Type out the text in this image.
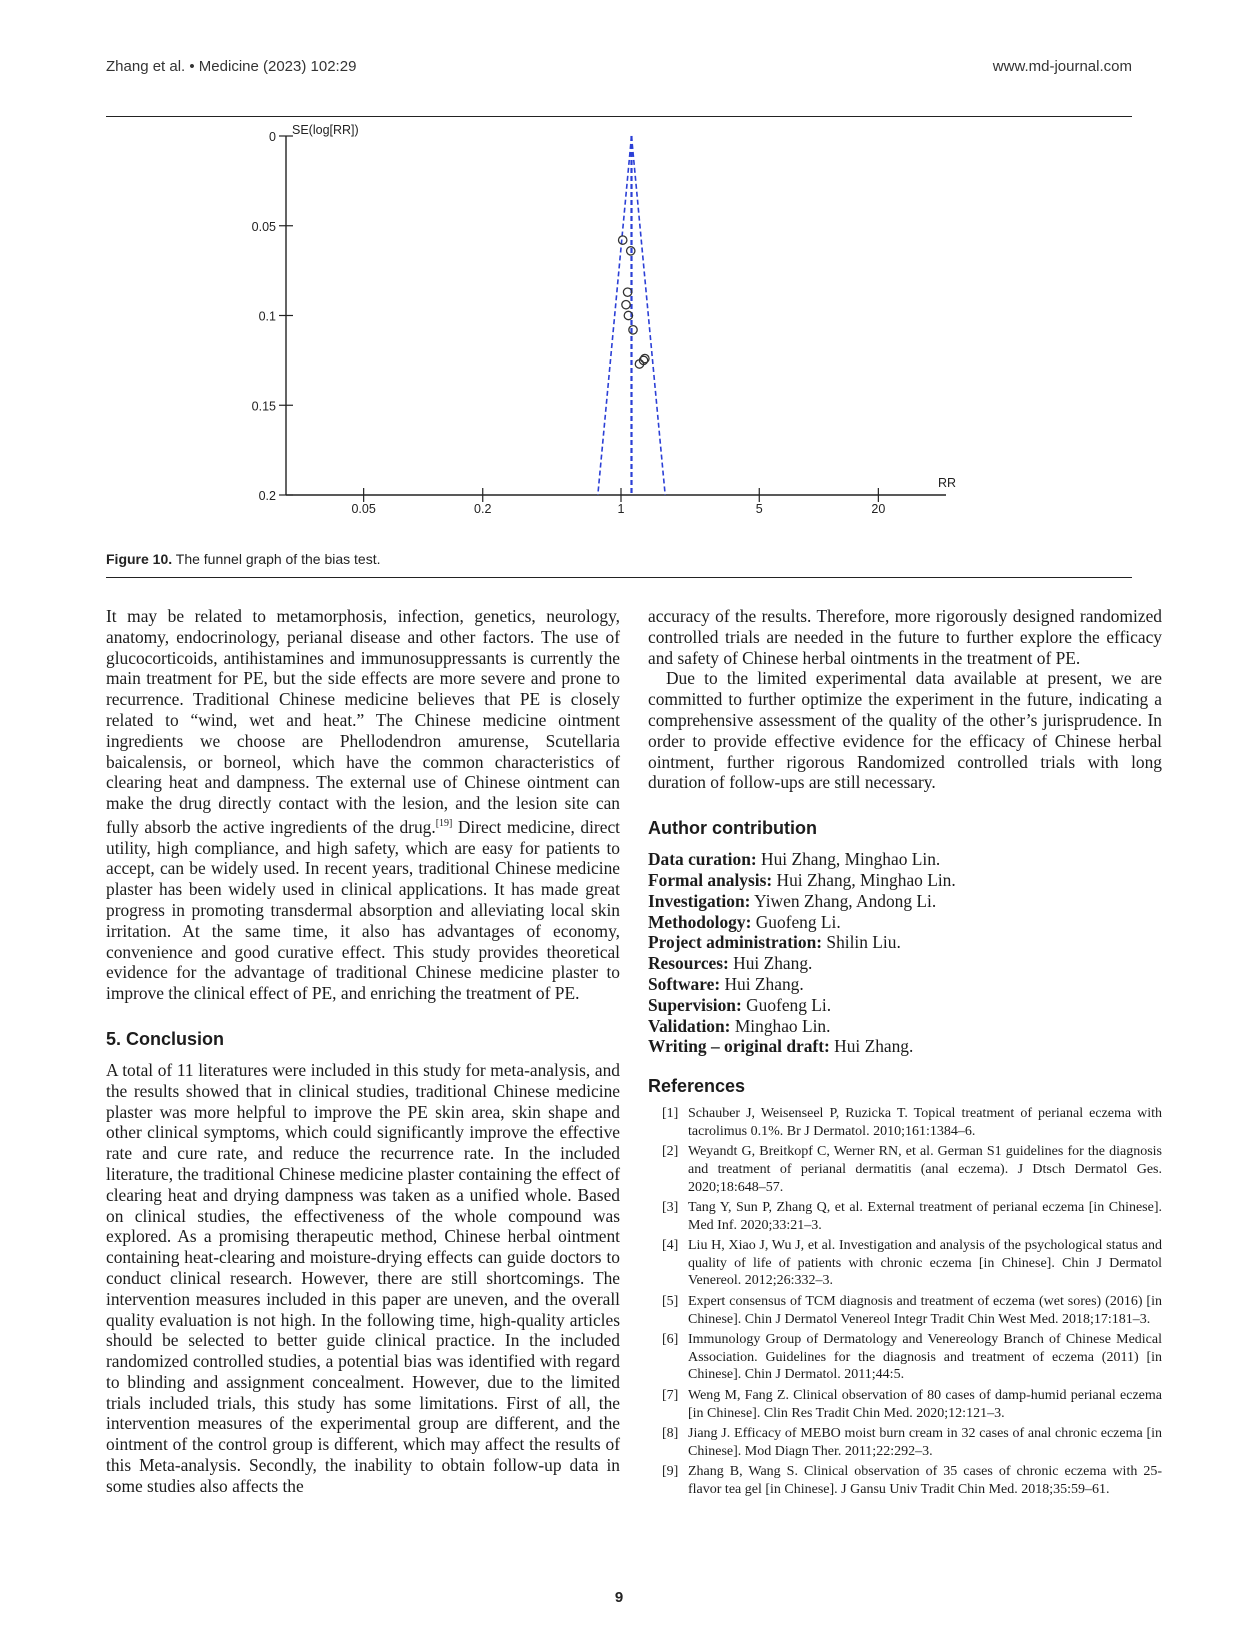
Zhang et al. • Medicine (2023) 102:29	www.md-journal.com
0
0.05
0.1
0.15
0.2
0.05	0.2	1	5	20
SE(log[RR])
RR
Figure 10. The funnel graph of the bias test.

It may be related to metamorphosis, infection, genetics, neurology, anatomy, endocrinology, perianal disease and other factors. The use of glucocorticoids, antihistamines and immunosuppressants is currently the main treatment for PE, but the side effects are more severe and prone to recurrence. Traditional Chinese medicine believes that PE is closely related to “wind, wet and heat.” The Chinese medicine ointment ingredients we choose are Phellodendron amurense, Scutellaria baicalensis, or borneol, which have the common characteristics of clearing heat and dampness. The external use of Chinese ointment can make the drug directly contact with the lesion, and the lesion site can fully absorb the active ingredients of the drug.[19] Direct medicine, direct utility, high compliance, and high safety, which are easy for patients to accept, can be widely used. In recent years, traditional Chinese medicine plaster has been widely used in clinical applications. It has made great progress in promoting transdermal absorption and alleviating local skin irritation. At the same time, it also has advantages of economy, convenience and good curative effect. This study provides theoretical evidence for the advantage of traditional Chinese medicine plaster to improve the clinical effect of PE, and enriching the treatment of PE.

5. Conclusion

A total of 11 literatures were included in this study for meta-analysis, and the results showed that in clinical studies, traditional Chinese medicine plaster was more helpful to improve the PE skin area, skin shape and other clinical symptoms, which could significantly improve the effective rate and cure rate, and reduce the recurrence rate. In the included literature, the traditional Chinese medicine plaster containing the effect of clearing heat and drying dampness was taken as a unified whole. Based on clinical studies, the effectiveness of the whole compound was explored. As a promising therapeutic method, Chinese herbal ointment containing heat-clearing and moisture-drying effects can guide doctors to conduct clinical research. However, there are still shortcomings. The intervention measures included in this paper are uneven, and the overall quality evaluation is not high. In the following time, high-quality articles should be selected to better guide clinical practice. In the included randomized controlled studies, a potential bias was identified with regard to blinding and assignment concealment. However, due to the limited trials included trials, this study has some limitations. First of all, the intervention measures of the experimental group are different, and the ointment of the control group is different, which may affect the results of this Meta-analysis. Secondly, the inability to obtain follow-up data in some studies also affects the

accuracy of the results. Therefore, more rigorously designed randomized controlled trials are needed in the future to further explore the efficacy and safety of Chinese herbal ointments in the treatment of PE.

Due to the limited experimental data available at present, we are committed to further optimize the experiment in the future, indicating a comprehensive assessment of the quality of the other’s jurisprudence. In order to provide effective evidence for the efficacy of Chinese herbal ointment, further rigorous Randomized controlled trials with long duration of follow-ups are still necessary.

Author contribution
Data curation: Hui Zhang, Minghao Lin.
Formal analysis: Hui Zhang, Minghao Lin.
Investigation: Yiwen Zhang, Andong Li.
Methodology: Guofeng Li.
Project administration: Shilin Liu.
Resources: Hui Zhang.
Software: Hui Zhang.
Supervision: Guofeng Li.
Validation: Minghao Lin.
Writing – original draft: Hui Zhang.
References
[1] Schauber J, Weisenseel P, Ruzicka T. Topical treatment of perianal eczema with tacrolimus 0.1%. Br J Dermatol. 2010;161:1384–6.
[2] Weyandt G, Breitkopf C, Werner RN, et al. German S1 guidelines for the diagnosis and treatment of perianal dermatitis (anal eczema). J Dtsch Dermatol Ges. 2020;18:648–57.
[3] Tang Y, Sun P, Zhang Q, et al. External treatment of perianal eczema [in Chinese]. Med Inf. 2020;33:21–3.
[4] Liu H, Xiao J, Wu J, et al. Investigation and analysis of the psychological status and quality of life of patients with chronic eczema [in Chinese]. Chin J Dermatol Venereol. 2012;26:332–3.
[5] Expert consensus of TCM diagnosis and treatment of eczema (wet sores) (2016) [in Chinese]. Chin J Dermatol Venereol Integr Tradit Chin West Med. 2018;17:181–3.
[6] Immunology Group of Dermatology and Venereology Branch of Chinese Medical Association. Guidelines for the diagnosis and treatment of eczema (2011) [in Chinese]. Chin J Dermatol. 2011;44:5.
[7] Weng M, Fang Z. Clinical observation of 80 cases of damp-humid perianal eczema [in Chinese]. Clin Res Tradit Chin Med. 2020;12:121–3.
[8] Jiang J. Efficacy of MEBO moist burn cream in 32 cases of anal chronic eczema [in Chinese]. Mod Diagn Ther. 2011;22:292–3.
[9] Zhang B, Wang S. Clinical observation of 35 cases of chronic eczema with 25-flavor tea gel [in Chinese]. J Gansu Univ Tradit Chin Med. 2018;35:59–61.
9
